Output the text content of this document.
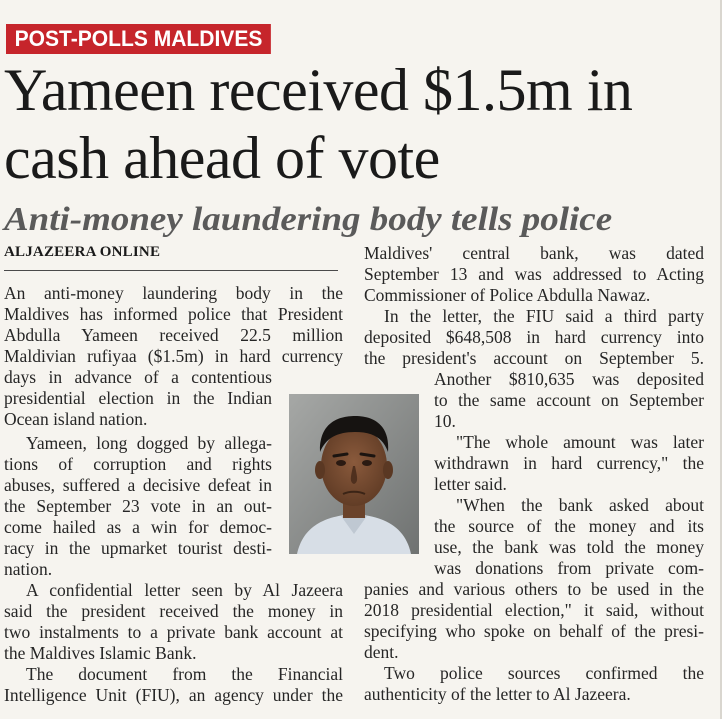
POST-POLLS MALDIVES
Yameen received $1.5m in cash ahead of vote
Anti-money laundering body tells police
ALJAZEERA ONLINE
An anti-money laundering body in the
Maldives has informed police that President
Abdulla Yameen received 22.5 million
Maldivian rufiyaa ($1.5m) in hard currency
days in advance of a contentious
presidential election in the Indian
Ocean island nation.
Yameen, long dogged by allega-
tions of corruption and rights
abuses, suffered a decisive defeat in
the September 23 vote in an out-
come hailed as a win for democ-
racy in the upmarket tourist desti-
nation.
A confidential letter seen by Al Jazeera
said the president received the money in
two instalments to a private bank account at
the Maldives Islamic Bank.
The document from the Financial
Intelligence Unit (FIU), an agency under the
Maldives' central bank, was dated
September 13 and was addressed to Acting
Commissioner of Police Abdulla Nawaz.
In the letter, the FIU said a third party
deposited $648,508 in hard currency into
the president's account on September 5.
Another $810,635 was deposited
to the same account on September
10.
"The whole amount was later
withdrawn in hard currency," the
letter said.
"When the bank asked about
the source of the money and its
use, the bank was told the money
was donations from private com-
panies and various others to be used in the
2018 presidential election," it said, without
specifying who spoke on behalf of the presi-
dent.
Two police sources confirmed the
authenticity of the letter to Al Jazeera.
